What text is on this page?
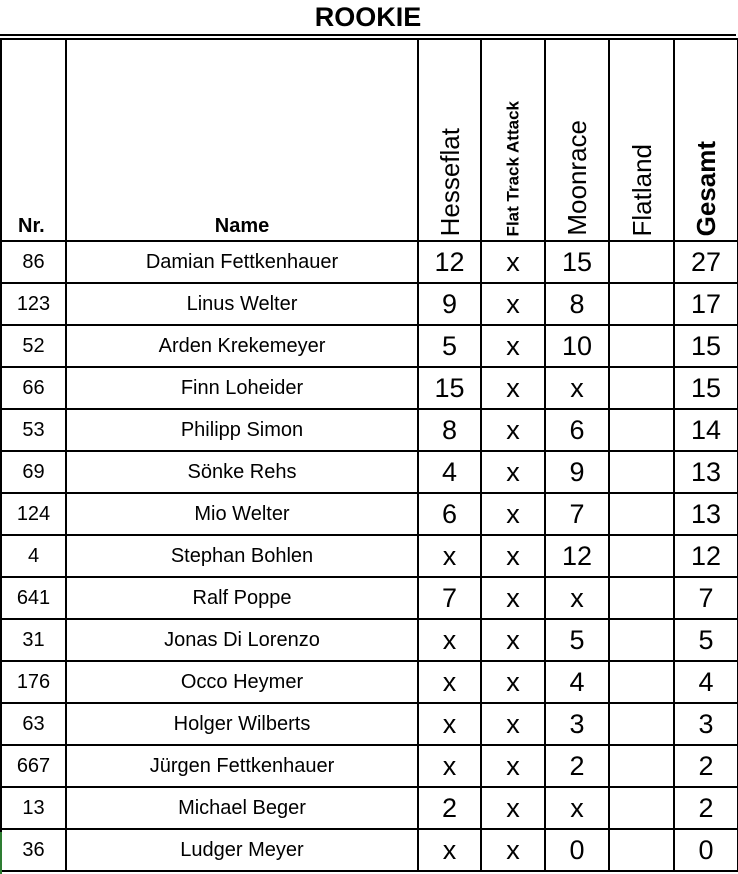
ROOKIE
Nr.	Name	Hesseflat	Flat Track Attack	Moonrace	Flatland	Gesamt

86	Damian Fettkenhauer	12	x	15		27
123	Linus Welter	9	x	8		17
52	Arden Krekemeyer	5	x	10		15
66	Finn Loheider	15	x	x		15
53	Philipp Simon	8	x	6		14
69	Sönke Rehs	4	x	9		13
124	Mio Welter	6	x	7		13
4	Stephan Bohlen	x	x	12		12
641	Ralf Poppe	7	x	x		7
31	Jonas Di Lorenzo	x	x	5		5
176	Occo Heymer	x	x	4		4
63	Holger Wilberts	x	x	3		3
667	Jürgen Fettkenhauer	x	x	2		2
13	Michael Beger	2	x	x		2
36	Ludger Meyer	x	x	0		0
